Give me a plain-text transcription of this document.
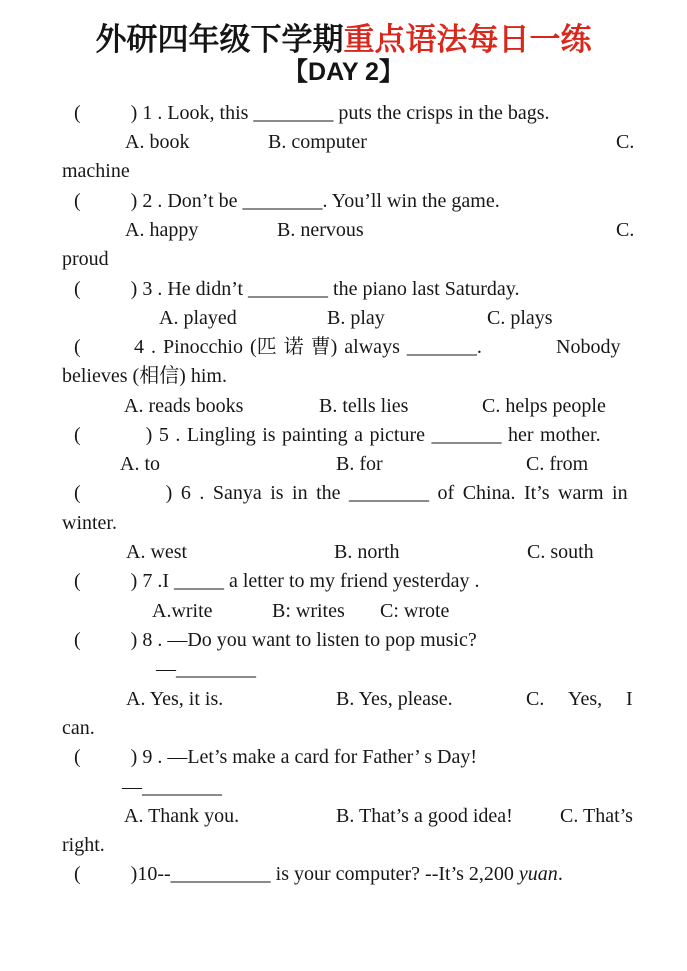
外研四年级下学期重点语法每日一练
【DAY 2】
(          ) 1 . Look, this ________ puts the crisps in the bags.
A. book	B. computer	C.
machine
(          ) 2 . Don’t be ________. You’ll win the game.
A. happy	B. nervous	C.
proud
(          ) 3 . He didn’t ________ the piano last Saturday.
A. played	B. play	C. plays
(	4 . Pinocchio (匹 诺 曹) always _______.	Nobody
believes (相信) him.
A. reads books	B. tells lies	C. helps people
(          ) 5 . Lingling is painting a picture _______ her mother.
A. to	B. for	C. from
(          ) 6 . Sanya is in the ________ of China. It’s warm in
winter.
A. west	B. north	C. south
(          ) 7 .I _____ a letter to my friend yesterday .
A.write	B: writes C: wrote
(          ) 8 . —Do you want to listen to pop music?
—________
A. Yes, it is.	B. Yes, please.	C. Yes, I
can.
(          ) 9 . —Let’s make a card for Father’ s Day!
—________
A. Thank you.	B. That’s a good idea! C. That’s
right.
(          )10--__________ is your computer? --It’s 2,200 yuan.
